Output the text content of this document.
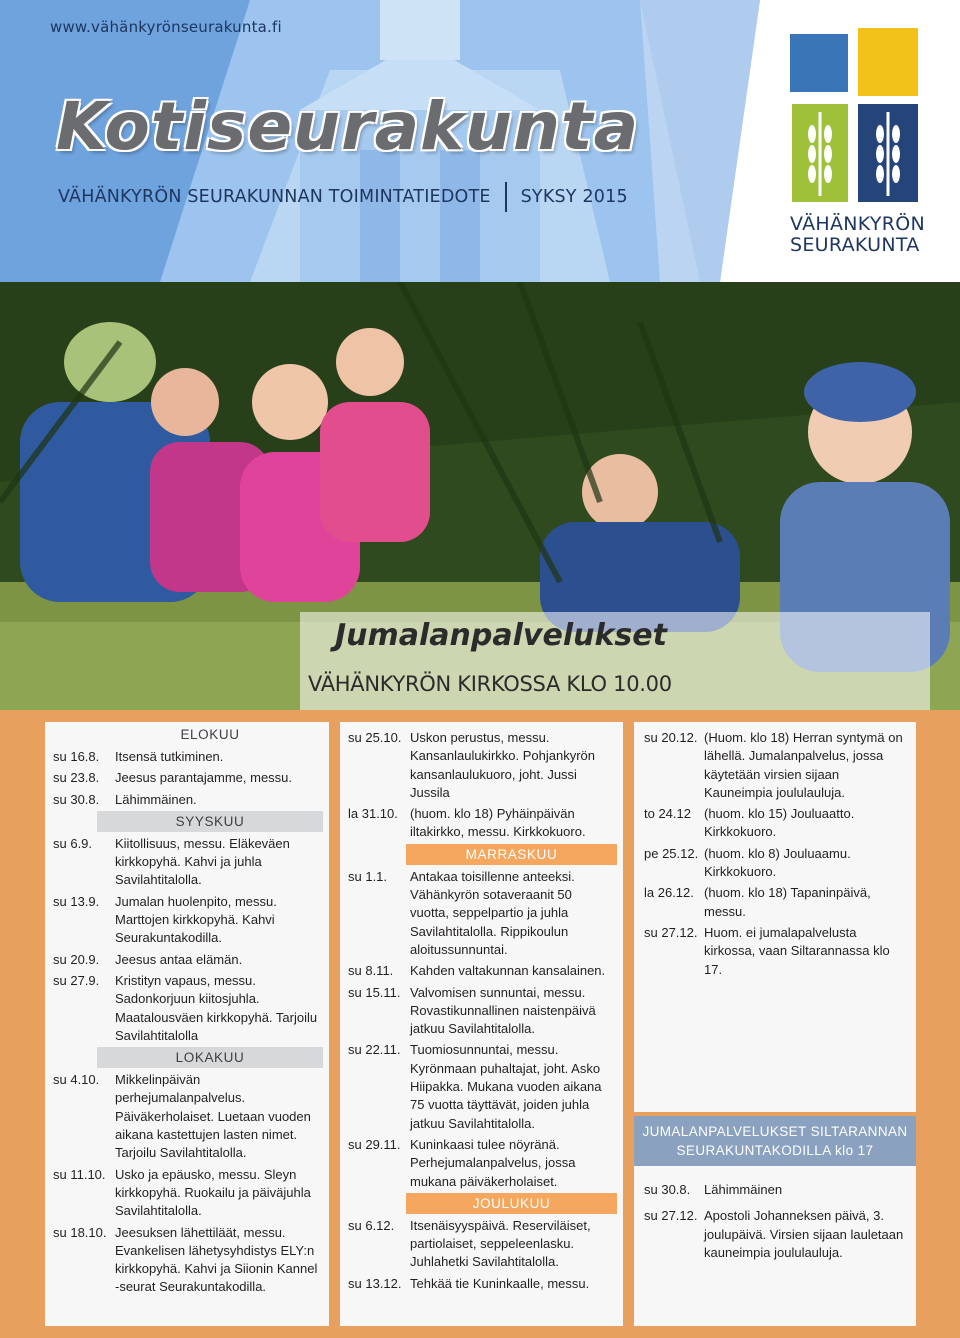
www.vähänkyrönseurakunta.fi
Kotiseurakunta
VÄHÄNKYRÖN SEURAKUNNAN TOIMINTATIEDOTE SYKSY 2015
VÄHÄNKYRÖN
SEURAKUNTA
Jumalanpalvelukset
VÄHÄNKYRÖN KIRKOSSA KLO 10.00
ELOKUU
su 16.8.	Itsensä tutkiminen.
su 23.8.	Jeesus parantajamme, messu.
su 30.8.	Lähimmäinen.
SYYSKUU
su 6.9.	Kiitollisuus, messu. Eläkeväen kirkkopyhä. Kahvi ja juhla Savilahtitalolla.
su 13.9.	Jumalan huolenpito, messu. Marttojen kirkkopyhä. Kahvi Seurakuntakodilla.
su 20.9.	Jeesus antaa elämän.
su 27.9.	Kristityn vapaus, messu. Sadonkorjuun kiitosjuhla. Maatalousväen kirkkopyhä. Tarjoilu Savilahtitalolla
LOKAKUU
su 4.10.	Mikkelinpäivän perhejumalanpalvelus. Päiväkerholaiset. Luetaan vuoden aikana kastettujen lasten nimet. Tarjoilu Savilahtitalolla.
su 11.10. Usko ja epäusko, messu. Sleyn kirkkopyhä. Ruokailu ja päiväjuhla Savilahtitalolla.
su 18.10. Jeesuksen lähettiläät, messu. Evankelisen lähetysyhdistys ELY:n kirkkopyhä. Kahvi ja Siionin Kannel -seurat Seurakuntakodilla.
su 25.10. Uskon perustus, messu. Kansanlaulukirkko. Pohjankyrön kansanlaulukuoro, joht. Jussi Jussila
la 31.10. (huom. klo 18) Pyhäinpäivän iltakirkko, messu. Kirkkokuoro.
MARRASKUU
su 1.1.	Antakaa toisillenne anteeksi. Vähänkyrön sotaveraanit 50 vuotta, seppelpartio ja juhla Savilahtitalolla. Rippikoulun aloitussunnuntai.
su 8.11.	Kahden valtakunnan kansalainen.
su 15.11. Valvomisen sunnuntai, messu. Rovastikunnallinen naistenpäivä jatkuu Savilahtitalolla.
su 22.11. Tuomiosunnuntai, messu. Kyrönmaan puhaltajat, joht. Asko Hiipakka. Mukana vuoden aikana 75 vuotta täyttävät, joiden juhla jatkuu Savilahtitalolla.
su 29.11. Kuninkaasi tulee nöyränä. Perhejumalanpalvelus, jossa mukana päiväkerholaiset.
JOULUKUU
su 6.12.	Itsenäisyyspäivä. Reserviläiset, partiolaiset, seppeleenlasku. Juhlahetki Savilahtitalolla.
su 13.12. Tehkää tie Kuninkaalle, messu.
su 20.12. (Huom. klo 18) Herran syntymä on lähellä. Jumalanpalvelus, jossa käytetään virsien sijaan Kauneimpia joululauluja.
to 24.12	(huom. klo 15) Jouluaatto. Kirkkokuoro.
pe 25.12. (huom. klo 8) Jouluaamu. Kirkkokuoro.
la 26.12. (huom. klo 18) Tapaninpäivä, messu.
su 27.12. Huom. ei jumalapalvelusta kirkossa, vaan Siltarannassa klo 17.
JUMALANPALVELUKSET SILTARANNAN
SEURAKUNTAKODILLA klo 17
su 30.8.	Lähimmäinen
su 27.12. Apostoli Johanneksen päivä, 3. joulupäivä. Virsien sijaan lauletaan kauneimpia joululauluja.
